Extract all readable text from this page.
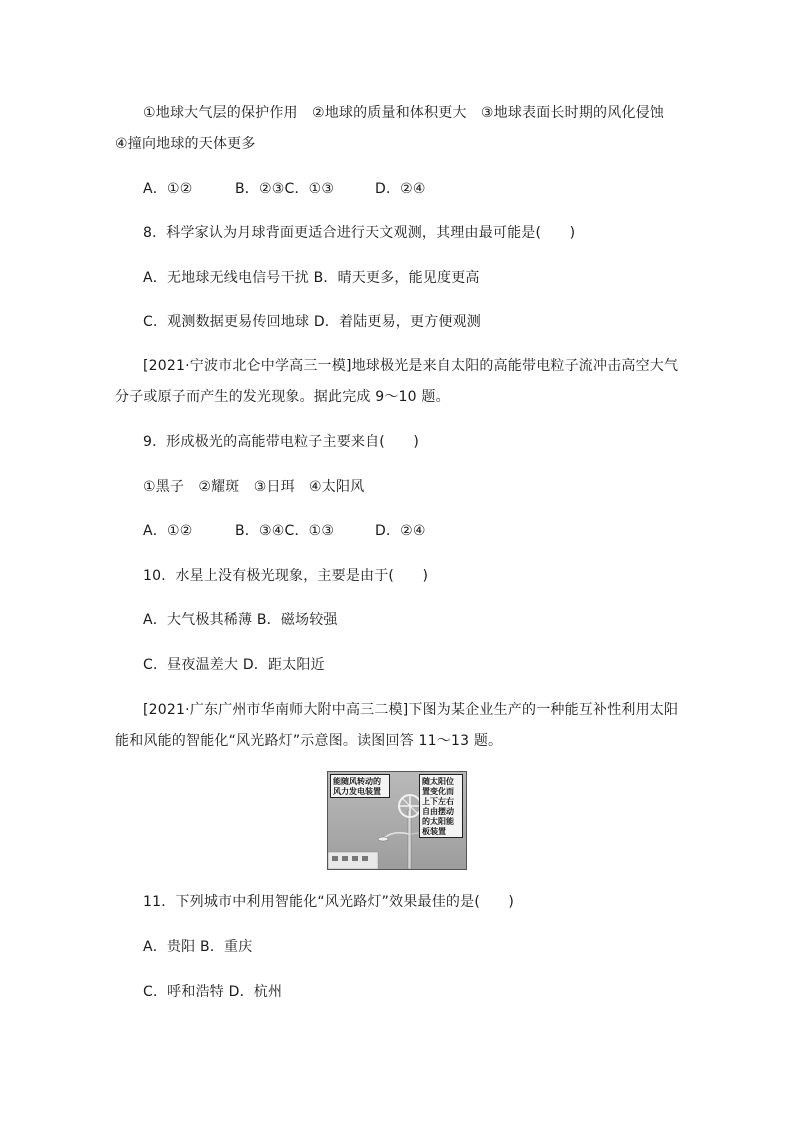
①地球大气层的保护作用　②地球的质量和体积更大　③地球表面长时期的风化侵蚀
④撞向地球的天体更多
A．①②	B．②③C．①③	D．②④
8．科学家认为月球背面更适合进行天文观测，其理由最可能是(　　)
A．无地球无线电信号干扰 B．晴天更多，能见度更高
C．观测数据更易传回地球 D．着陆更易，更方便观测
[2021·宁波市北仑中学高三一模]地球极光是来自太阳的高能带电粒子流冲击高空大气
分子或原子而产生的发光现象。据此完成 9～10 题。
9．形成极光的高能带电粒子主要来自(　　)
①黑子　②耀斑　③日珥　④太阳风
A．①②	B．③④C．①③	D．②④
10．水星上没有极光现象，主要是由于(　　)
A．大气极其稀薄 B．磁场较强
C．昼夜温差大 D．距太阳近
[2021·广东广州市华南师大附中高三二模]下图为某企业生产的一种能互补性利用太阳
能和风能的智能化“风光路灯”示意图。读图回答 11～13 题。
能随风转动的
风力发电装置
随太阳位
置变化而
上下左右
自由摆动
的太阳能
板装置
11．下列城市中利用智能化“风光路灯”效果最佳的是(　　)
A．贵阳 B．重庆
C．呼和浩特 D．杭州
